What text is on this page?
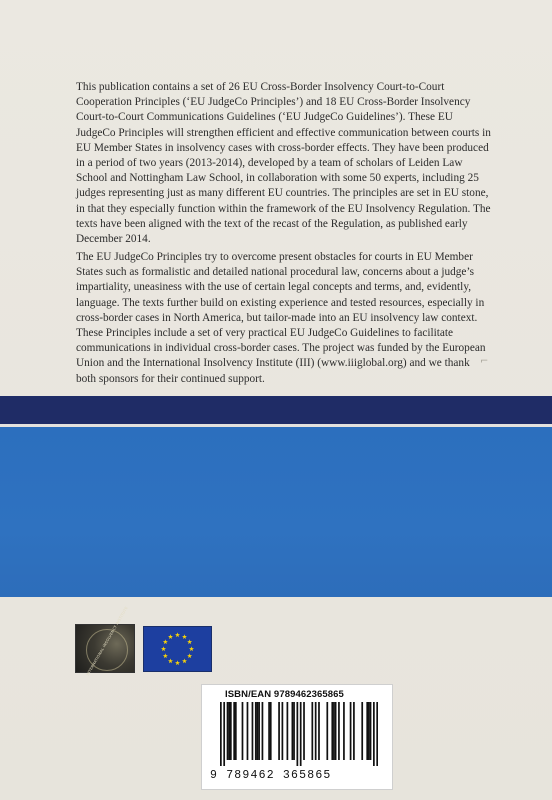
This publication contains a set of 26 EU Cross-Border Insolvency Court-to-Court Cooperation Principles (‘EU JudgeCo Principles’) and 18 EU Cross-Border Insolvency Court-to-Court Communications Guidelines (‘EU JudgeCo Guidelines’). These EU JudgeCo Principles will strengthen efficient and effective communication between courts in EU Member States in insolvency cases with cross-border effects. They have been produced in a period of two years (2013-2014), developed by a team of scholars of Leiden Law School and Nottingham Law School, in collaboration with some 50 experts, including 25 judges representing just as many different EU countries. The principles are set in EU stone, in that they especially function within the framework of the EU Insolvency Regulation. The texts have been aligned with the text of the recast of the Regulation, as published early December 2014.

The EU JudgeCo Principles try to overcome present obstacles for courts in EU Member States such as formalistic and detailed national procedural law, concerns about a judge’s impartiality, uneasiness with the use of certain legal concepts and terms, and, evidently, language. The texts further build on existing experience and tested resources, especially in cross-border cases in North America, but tailor-made into an EU insolvency law context. These Principles include a set of very practical EU JudgeCo Guidelines to facilitate communications in individual cross-border cases. The project was funded by the European Union and the International Insolvency Institute (III) (www.iiiglobal.org) and we thank both sponsors for their continued support.

⌐
INTERNATIONAL INSOLVENCY INSTITUTE
ISBN/EAN 9789462365865
9 789462 365865
